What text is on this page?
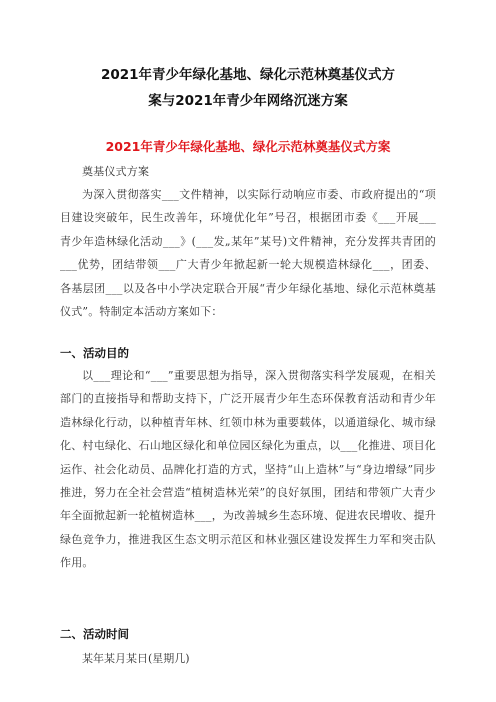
2021年青少年绿化基地、绿化示范林奠基仪式方
案与2021年青少年网络沉迷方案
2021年青少年绿化基地、绿化示范林奠基仪式方案

奠基仪式方案

为深入贯彻落实___文件精神，以实际行动响应市委、市政府提出的“项目建设突破年，民生改善年，环境优化年”号召，根据团市委《___开展___青少年造林绿化活动___》(___发„某年”某号)文件精神，充分发挥共青团的___优势，团结带领___广大青少年掀起新一轮大规模造林绿化___，团委、各基层团___以及各中小学决定联合开展“青少年绿化基地、绿化示范林奠基仪式”。特制定本活动方案如下：

一、活动目的

以___理论和“___”重要思想为指导，深入贯彻落实科学发展观，在相关部门的直接指导和帮助支持下，广泛开展青少年生态环保教育活动和青少年造林绿化行动，以种植青年林、红领巾林为重要载体，以通道绿化、城市绿化、村屯绿化、石山地区绿化和单位园区绿化为重点，以___化推进、项目化运作、社会化动员、品牌化打造的方式，坚持“山上造林”与“身边增绿”同步推进，努力在全社会营造“植树造林光荣”的良好氛围，团结和带领广大青少年全面掀起新一轮植树造林___，为改善城乡生态环境、促进农民增收、提升绿色竞争力，推进我区生态文明示范区和林业强区建设发挥生力军和突击队作用。

二、活动时间
某年某月某日(星期几)
